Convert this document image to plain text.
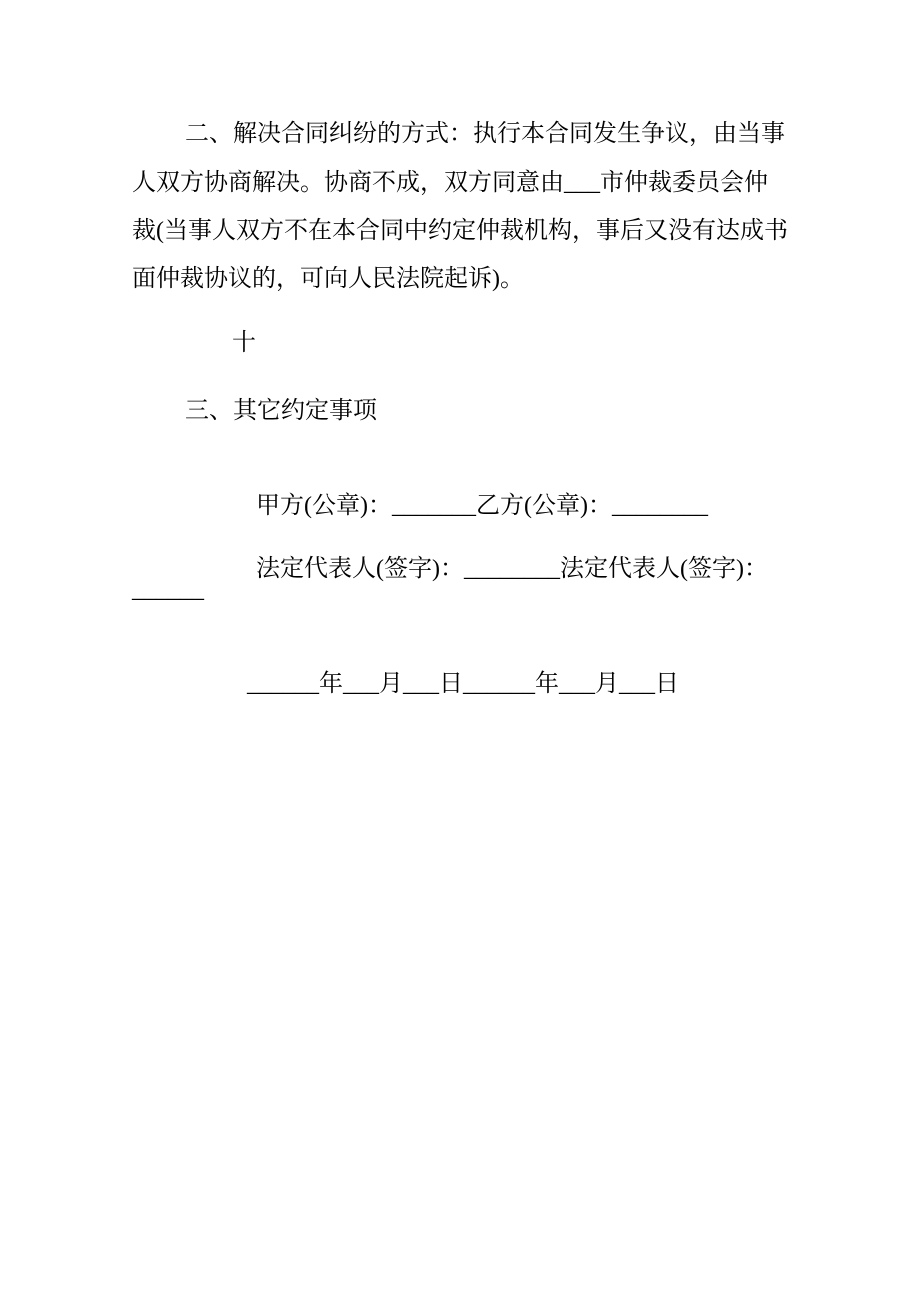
二、解决合同纠纷的方式：执行本合同发生争议，由当事
人双方协商解决。协商不成，双方同意由___市仲裁委员会仲
裁(当事人双方不在本合同中约定仲裁机构，事后又没有达成书
面仲裁协议的，可向人民法院起诉)。
十
三、其它约定事项

甲方(公章)：_______乙方(公章)：________

法定代表人(签字)：________法定代表人(签字)：

______

______年___月___日______年___月___日
